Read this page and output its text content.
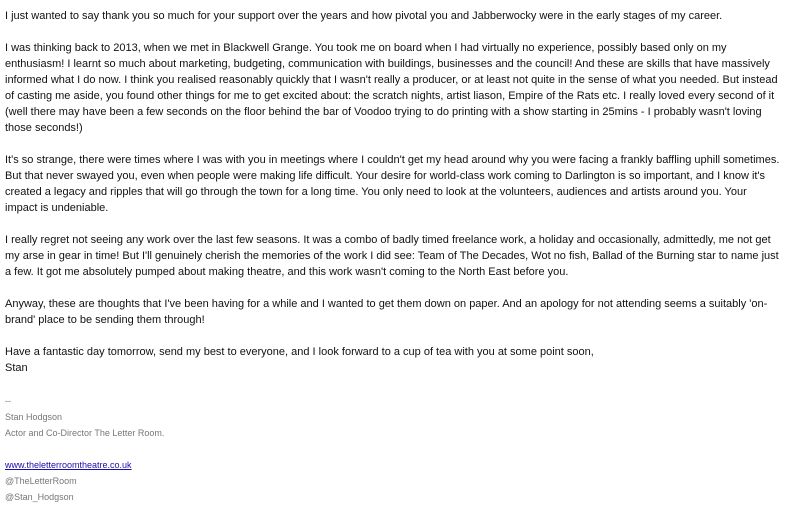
I just wanted to say thank you so much for your support over the years and how pivotal you and Jabberwocky were in the early stages of my career.

I was thinking back to 2013, when we met in Blackwell Grange. You took me on board when I had virtually no experience, possibly based only on my enthusiasm! I learnt so much about marketing, budgeting, communication with buildings, businesses and the council! And these are skills that have massively informed what I do now. I think you realised reasonably quickly that I wasn't really a producer, or at least not quite in the sense of what you needed. But instead of casting me aside, you found other things for me to get excited about: the scratch nights, artist liason, Empire of the Rats etc. I really loved every second of it (well there may have been a few seconds on the floor behind the bar of Voodoo trying to do printing with a show starting in 25mins - I probably wasn't loving those seconds!)

It's so strange, there were times where I was with you in meetings where I couldn't get my head around why you were facing a frankly baffling uphill sometimes. But that never swayed you, even when people were making life difficult. Your desire for world-class work coming to Darlington is so important, and I know it's created a legacy and ripples that will go through the town for a long time. You only need to look at the volunteers, audiences and artists around you. Your impact is undeniable.

I really regret not seeing any work over the last few seasons. It was a combo of badly timed freelance work, a holiday and occasionally, admittedly, me not get my arse in gear in time! But I'll genuinely cherish the memories of the work I did see: Team of The Decades, Wot no fish, Ballad of the Burning star to name just a few. It got me absolutely pumped about making theatre, and this work wasn't coming to the North East before you.

Anyway, these are thoughts that I've been having for a while and I wanted to get them down on paper. And an apology for not attending seems a suitably 'on-brand' place to be sending them through!

Have a fantastic day tomorrow, send my best to everyone, and I look forward to a cup of tea with you at some point soon,

Stan

--
Stan Hodgson
Actor and Co-Director The Letter Room.
www.theletterroomtheatre.co.uk
@TheLetterRoom
@Stan_Hodgson
